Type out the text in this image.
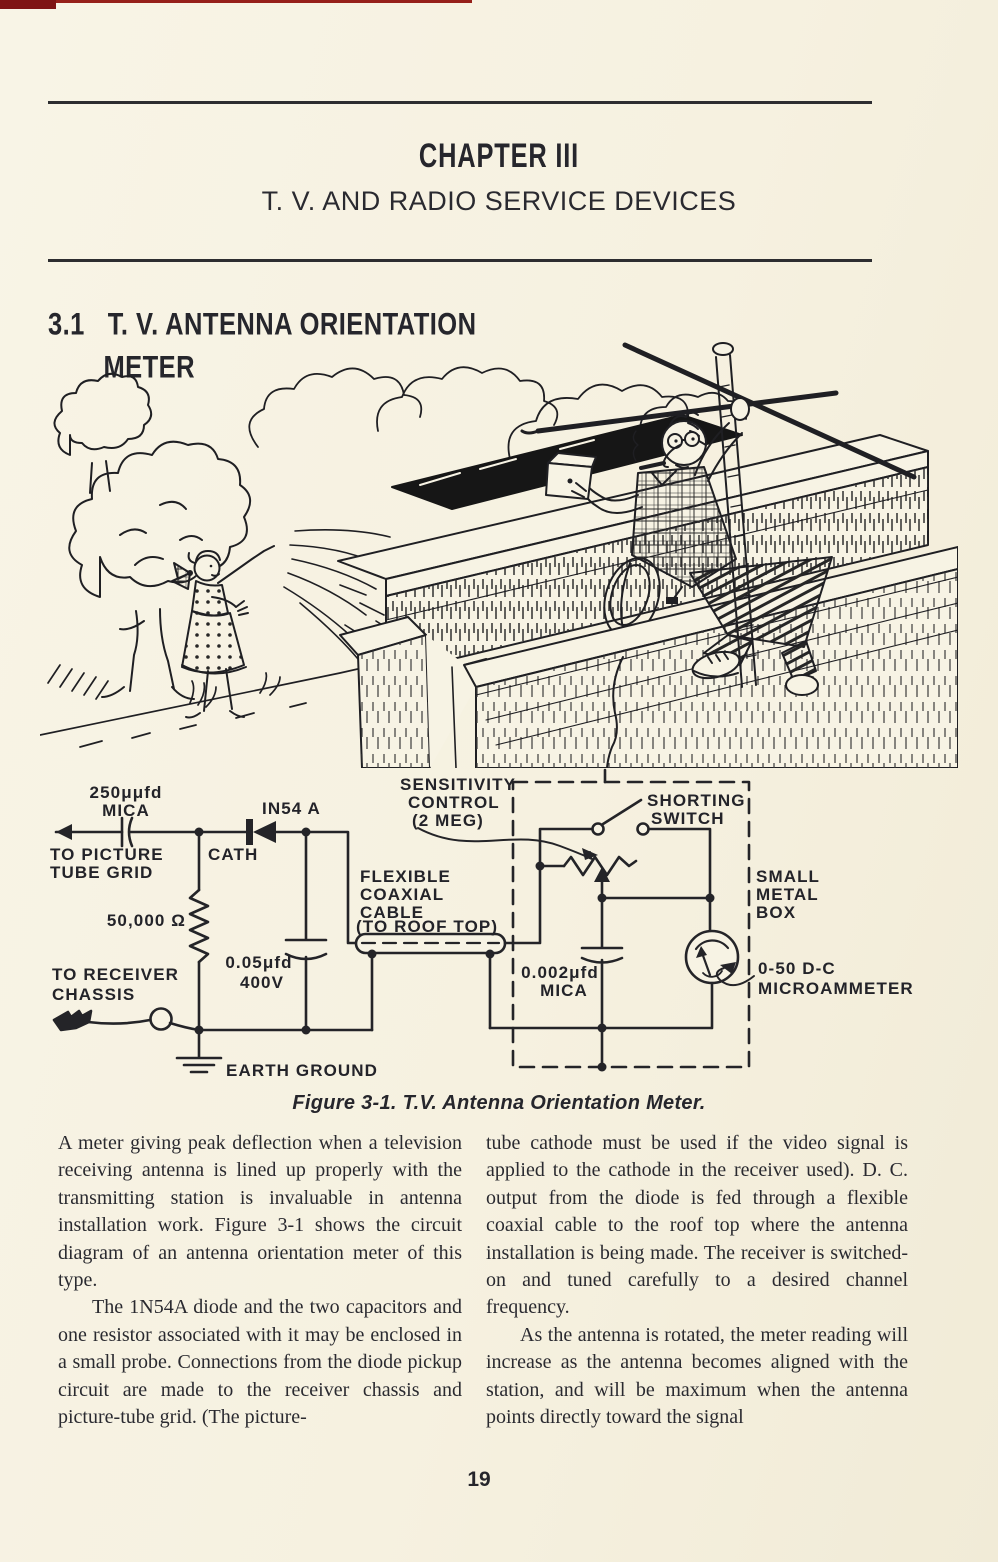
CHAPTER III
T. V. AND RADIO SERVICE DEVICES
3.1 T. V. ANTENNA ORIENTATION
METER
250μμfd
MICA
TO PICTURE
TUBE GRID
CATH
IN54 A
50,000 Ω
0.05μfd
400V
TO RECEIVER
CHASSIS
EARTH GROUND
FLEXIBLE
COAXIAL
CABLE
(TO ROOF TOP)
SENSITIVITY
CONTROL
(2 MEG)
SHORTING
SWITCH
SMALL
METAL
BOX
0.002μfd
MICA
0-50 D-C
MICROAMMETER
Figure 3-1. T.V. Antenna Orientation Meter.

A meter giving peak deflection when a television receiving antenna is lined up properly with the transmitting station is invaluable in antenna installation work. Figure 3-1 shows the circuit diagram of an antenna orientation meter of this type.

The 1N54A diode and the two capacitors and one resistor associated with it may be enclosed in a small probe. Connections from the diode pickup circuit are made to the receiver chassis and picture-tube grid. (The picture-

tube cathode must be used if the video signal is applied to the cathode in the receiver used). D. C. output from the diode is fed through a flexible coaxial cable to the roof top where the antenna installation is being made. The receiver is switched-on and tuned carefully to a desired channel frequency.

As the antenna is rotated, the meter reading will increase as the antenna becomes aligned with the station, and will be maximum when the antenna points directly toward the signal

19
